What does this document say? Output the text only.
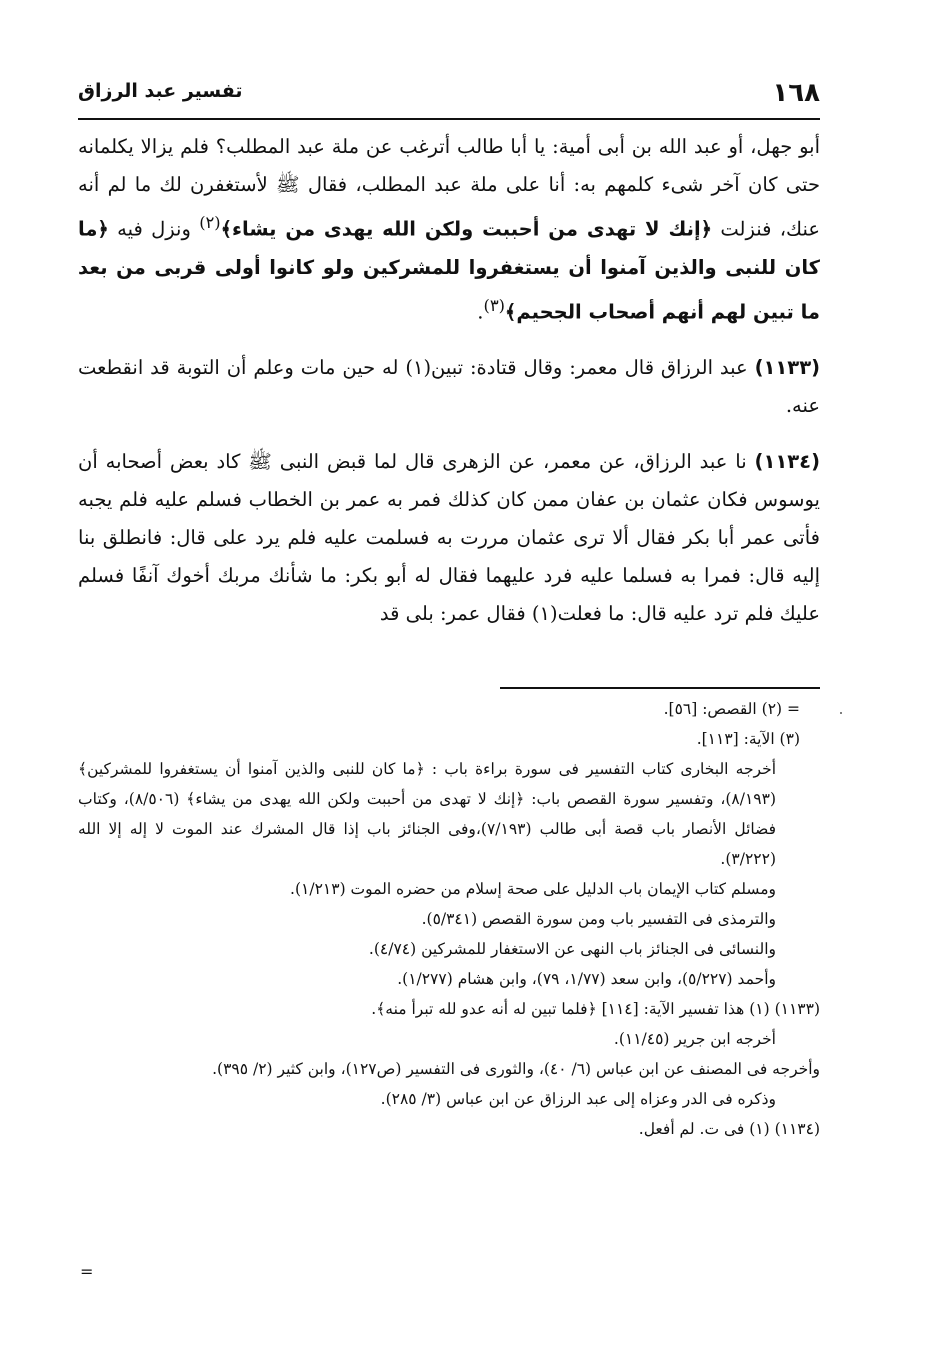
١٦٨
تفسير عبد الرزاق

أبو جهل، أو عبد الله بن أبى أمية: يا أبا طالب أترغب عن ملة عبد المطلب؟ فلم يزالا يكلمانه حتى كان آخر شىء كلمهم به: أنا على ملة عبد المطلب، فقال ﷺ لأستغفرن لك ما لم أنه عنك، فنزلت ﴿إنك لا تهدى من أحببت ولكن الله يهدى من يشاء﴾$^{(٢)}$ ونزل فيه ﴿ما كان للنبى والذين آمنوا أن يستغفروا للمشركين ولو كانوا أولى قربى من بعد ما تبين لهم أنهم أصحاب الجحيم﴾$^{(٣)}$.

(١١٣٣) عبد الرزاق قال معمر: وقال قتادة: تبين(١) له حين مات وعلم أن التوبة قد انقطعت عنه.

(١١٣٤) نا عبد الرزاق، عن معمر، عن الزهرى قال لما قبض النبى ﷺ كاد بعض أصحابه أن يوسوس فكان عثمان بن عفان ممن كان كذلك فمر به عمر بن الخطاب فسلم عليه فلم يجبه فأتى عمر أبا بكر فقال ألا ترى عثمان مررت به فسلمت عليه فلم يرد على قال: فانطلق بنا إليه قال: فمرا به فسلما عليه فرد عليهما فقال له أبو بكر: ما شأنك مربك أخوك آنفًا فسلم عليك فلم ترد عليه قال: ما فعلت(١) فقال عمر: بلى قد

= (٢) القصص: [٥٦].

(٣) الآية: [١١٣].

أخرجه البخارى كتاب التفسير فى سورة براءة باب : ﴿ما كان للنبى والذين آمنوا أن يستغفروا للمشركين﴾ (٨/١٩٣)، وتفسير سورة القصص باب: ﴿إنك لا تهدى من أحببت ولكن الله يهدى من يشاء﴾ (٨/٥٠٦)، وكتاب فضائل الأنصار باب قصة أبى طالب (٧/١٩٣)،وفى الجنائز باب إذا قال المشرك عند الموت لا إله إلا الله (٣/٢٢٢).

ومسلم كتاب الإيمان باب الدليل على صحة إسلام من حضره الموت (١/٢١٣).

والترمذى فى التفسير باب ومن سورة القصص (٥/٣٤١).

والنسائى فى الجنائز باب النهى عن الاستغفار للمشركين (٤/٧٤).

وأحمد (٥/٢٢٧)، وابن سعد (١/٧٧، ٧٩)، وابن هشام (١/٢٧٧).

(١١٣٣) (١) هذا تفسير الآية: [١١٤] ﴿فلما تبين له أنه عدو لله تبرأ منه﴾.

أخرجه ابن جرير (١١/٤٥).

وأخرجه فى المصنف عن ابن عباس (٦/ ٤٠)، والثورى فى التفسير (ص١٢٧)، وابن كثير (٢/ ٣٩٥).

وذكره فى الدر وعزاه إلى عبد الرزاق عن ابن عباس (٣/ ٢٨٥).

(١١٣٤) (١) فى ت. لم أفعل.

=
